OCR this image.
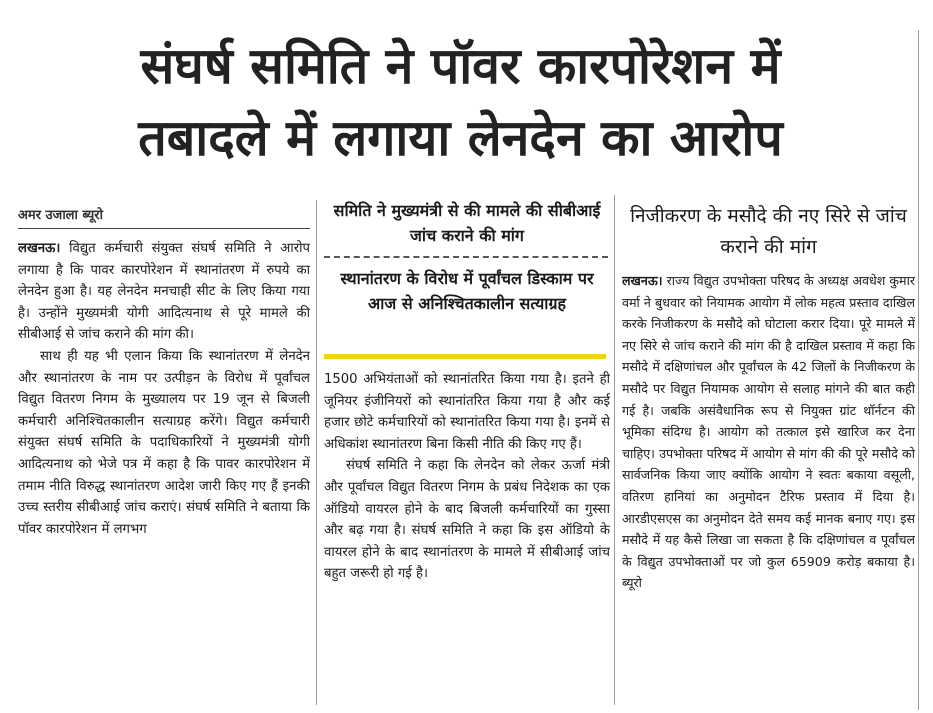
संघर्ष समिति ने पॉवर कारपोरेशन में
तबादले में लगाया लेनदेन का आरोप
अमर उजाला ब्यूरो

लखनऊ। विद्युत कर्मचारी संयुक्त संघर्ष समिति ने आरोप लगाया है कि पावर कारपोरेशन में स्थानांतरण में रुपये का लेनदेन हुआ है। यह लेनदेन मनचाही सीट के लिए किया गया है। उन्होंने मुख्यमंत्री योगी आदित्यनाथ से पूरे मामले की सीबीआई से जांच कराने की मांग की।

साथ ही यह भी एलान किया कि स्थानांतरण में लेनदेन और स्थानांतरण के नाम पर उत्पीड़न के विरोध में पूर्वांचल विद्युत वितरण निगम के मुख्यालय पर 19 जून से बिजली कर्मचारी अनिश्चितकालीन सत्याग्रह करेंगे। विद्युत कर्मचारी संयुक्त संघर्ष समिति के पदाधिकारियों ने मुख्यमंत्री योगी आदित्यनाथ को भेजे पत्र में कहा है कि पावर कारपोरेशन में तमाम नीति विरुद्ध स्थानांतरण आदेश जारी किए गए हैं इनकी उच्च स्तरीय सीबीआई जांच कराएं। संघर्ष समिति ने बताया कि पॉवर कारपोरेशन में लगभग

समिति ने मुख्यमंत्री से की मामले की सीबीआई जांच कराने की मांग
स्थानांतरण के विरोध में पूर्वांचल डिस्काम पर आज से अनिश्चितकालीन सत्याग्रह

1500 अभियंताओं को स्थानांतरित किया गया है। इतने ही जूनियर इंजीनियरों को स्थानांतरित किया गया है और कई हजार छोटे कर्मचारियों को स्थानांतरित किया गया है। इनमें से अधिकांश स्थानांतरण बिना किसी नीति की किए गए हैं।

संघर्ष समिति ने कहा कि लेनदेन को लेकर ऊर्जा मंत्री और पूर्वांचल विद्युत वितरण निगम के प्रबंध निदेशक का एक ऑडियो वायरल होने के बाद बिजली कर्मचारियों का गुस्सा और बढ़ गया है। संघर्ष समिति ने कहा कि इस ऑडियो के वायरल होने के बाद स्थानांतरण के मामले में सीबीआई जांच बहुत जरूरी हो गई है।

निजीकरण के मसौदे की नए सिरे से जांच कराने की मांग

लखनऊ। राज्य विद्युत उपभोक्ता परिषद के अध्यक्ष अवधेश कुमार वर्मा ने बुधवार को नियामक आयोग में लोक महत्व प्रस्ताव दाखिल करके निजीकरण के मसौदे को घोटाला करार दिया। पूरे मामले में नए सिरे से जांच कराने की मांग की है दाखिल प्रस्ताव में कहा कि मसौदे में दक्षिणांचल और पूर्वांचल के 42 जिलों के निजीकरण के मसौदे पर विद्युत नियामक आयोग से सलाह मांगने की बात कही गई है। जबकि असंवैधानिक रूप से नियुक्त ग्रांट थॉर्नटन की भूमिका संदिग्ध है। आयोग को तत्काल इसे खारिज कर देना चाहिए। उपभोक्ता परिषद में आयोग से मांग की की पूरे मसौदे को सार्वजनिक किया जाए क्योंकि आयोग ने स्वतः बकाया वसूली, वतिरण हानियां का अनुमोदन टैरिफ प्रस्ताव में दिया है। आरडीएसएस का अनुमोदन देते समय कई मानक बनाए गए। इस मसौदे में यह कैसे लिखा जा सकता है कि दक्षिणांचल व पूर्वांचल के विद्युत उपभोक्ताओं पर जो कुल 65909 करोड़ बकाया है। ब्यूरो
